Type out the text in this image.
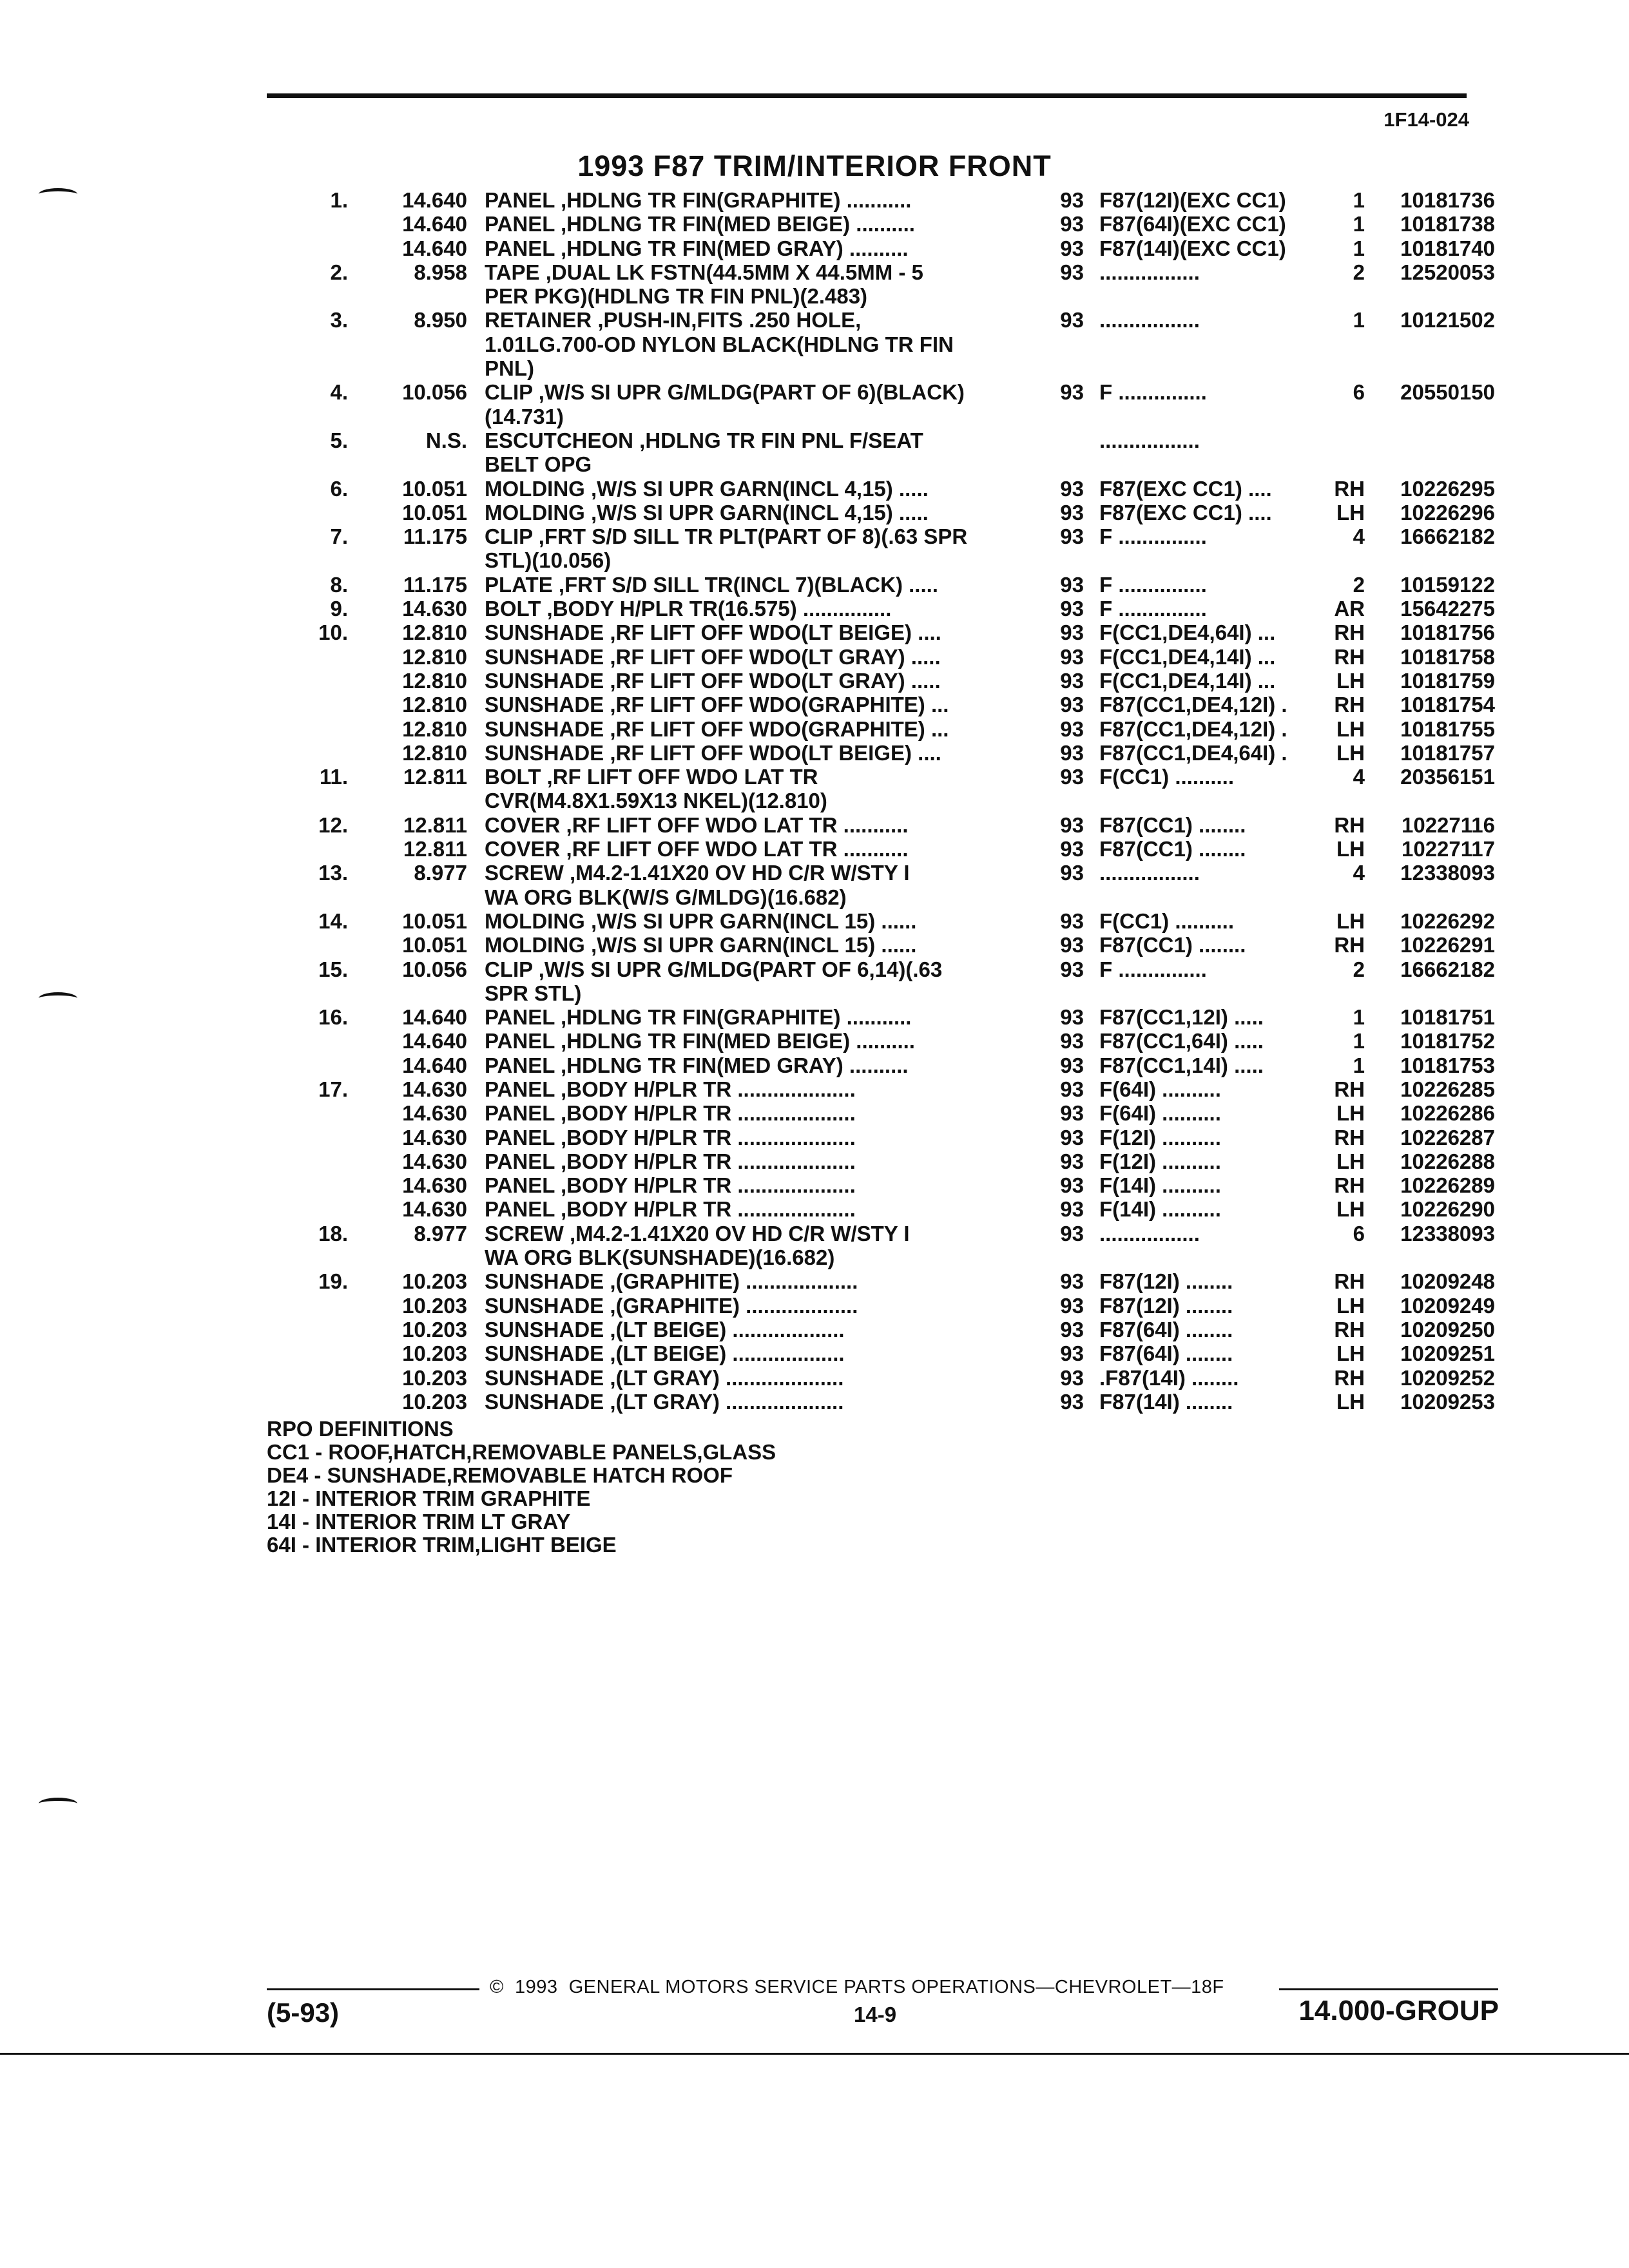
1F14-024
1993 F87 TRIM/INTERIOR FRONT
1.	14.640 PANEL ,HDLNG TR FIN(GRAPHITE) ...........	93 F87(12I)(EXC CC1)	1	10181736
14.640 PANEL ,HDLNG TR FIN(MED BEIGE) ..........	93 F87(64I)(EXC CC1)	1	10181738
14.640 PANEL ,HDLNG TR FIN(MED GRAY) ..........	93 F87(14I)(EXC CC1)	1	10181740
2.	8.958 TAPE ,DUAL LK FSTN(44.5MM X 44.5MM - 5	93 .................	2	12520053
PER PKG)(HDLNG TR FIN PNL)(2.483)
3.	8.950 RETAINER ,PUSH-IN,FITS .250 HOLE,	93 .................	1	10121502
1.01LG.700-OD NYLON BLACK(HDLNG TR FIN
PNL)
4.	10.056 CLIP ,W/S SI UPR G/MLDG(PART OF 6)(BLACK)	93 F ...............	6	20550150
(14.731)
5.	N.S. ESCUTCHEON ,HDLNG TR FIN PNL F/SEAT	.................
BELT OPG
6.	10.051 MOLDING ,W/S SI UPR GARN(INCL 4,15) .....	93 F87(EXC CC1) ....	RH	10226295
10.051 MOLDING ,W/S SI UPR GARN(INCL 4,15) .....	93 F87(EXC CC1) ....	LH	10226296
7.	11.175 CLIP ,FRT S/D SILL TR PLT(PART OF 8)(.63 SPR	93 F ...............	4	16662182
STL)(10.056)
8.	11.175 PLATE ,FRT S/D SILL TR(INCL 7)(BLACK) .....	93 F ...............	2	10159122
9.	14.630 BOLT ,BODY H/PLR TR(16.575) ...............	93 F ...............	AR	15642275
10.	12.810 SUNSHADE ,RF LIFT OFF WDO(LT BEIGE) ....	93 F(CC1,DE4,64I) ...	RH	10181756
12.810 SUNSHADE ,RF LIFT OFF WDO(LT GRAY) .....	93 F(CC1,DE4,14I) ...	RH	10181758
12.810 SUNSHADE ,RF LIFT OFF WDO(LT GRAY) .....	93 F(CC1,DE4,14I) ...	LH	10181759
12.810 SUNSHADE ,RF LIFT OFF WDO(GRAPHITE) ...	93 F87(CC1,DE4,12I) .	RH	10181754
12.810 SUNSHADE ,RF LIFT OFF WDO(GRAPHITE) ...	93 F87(CC1,DE4,12I) .	LH	10181755
12.810 SUNSHADE ,RF LIFT OFF WDO(LT BEIGE) ....	93 F87(CC1,DE4,64I) .	LH	10181757
11.	12.811 BOLT ,RF LIFT OFF WDO LAT TR	93 F(CC1) ..........	4	20356151
CVR(M4.8X1.59X13 NKEL)(12.810)
12.	12.811 COVER ,RF LIFT OFF WDO LAT TR ...........	93 F87(CC1) ........	RH	10227116
12.811 COVER ,RF LIFT OFF WDO LAT TR ...........	93 F87(CC1) ........	LH	10227117
13.	8.977 SCREW ,M4.2-1.41X20 OV HD C/R W/STY I	93 .................	4	12338093
WA ORG BLK(W/S G/MLDG)(16.682)
14.	10.051 MOLDING ,W/S SI UPR GARN(INCL 15) ......	93 F(CC1) ..........	LH	10226292
10.051 MOLDING ,W/S SI UPR GARN(INCL 15) ......	93 F87(CC1) ........	RH	10226291
15.	10.056 CLIP ,W/S SI UPR G/MLDG(PART OF 6,14)(.63	93 F ...............	2	16662182
SPR STL)
16.	14.640 PANEL ,HDLNG TR FIN(GRAPHITE) ...........	93 F87(CC1,12I) .....	1	10181751
14.640 PANEL ,HDLNG TR FIN(MED BEIGE) ..........	93 F87(CC1,64I) .....	1	10181752
14.640 PANEL ,HDLNG TR FIN(MED GRAY) ..........	93 F87(CC1,14I) .....	1	10181753
17.	14.630 PANEL ,BODY H/PLR TR ....................	93 F(64I) ..........	RH	10226285
14.630 PANEL ,BODY H/PLR TR ....................	93 F(64I) ..........	LH	10226286
14.630 PANEL ,BODY H/PLR TR ....................	93 F(12I) ..........	RH	10226287
14.630 PANEL ,BODY H/PLR TR ....................	93 F(12I) ..........	LH	10226288
14.630 PANEL ,BODY H/PLR TR ....................	93 F(14I) ..........	RH	10226289
14.630 PANEL ,BODY H/PLR TR ....................	93 F(14I) ..........	LH	10226290
18.	8.977 SCREW ,M4.2-1.41X20 OV HD C/R W/STY I	93 .................	6	12338093
WA ORG BLK(SUNSHADE)(16.682)
19.	10.203 SUNSHADE ,(GRAPHITE) ...................	93 F87(12I) ........	RH	10209248
10.203 SUNSHADE ,(GRAPHITE) ...................	93 F87(12I) ........	LH	10209249
10.203 SUNSHADE ,(LT BEIGE) ...................	93 F87(64I) ........	RH	10209250
10.203 SUNSHADE ,(LT BEIGE) ...................	93 F87(64I) ........	LH	10209251
10.203 SUNSHADE ,(LT GRAY) ....................	93 .F87(14I) ........	RH	10209252
10.203 SUNSHADE ,(LT GRAY) ....................	93 F87(14I) ........	LH	10209253
RPO DEFINITIONS
CC1 - ROOF,HATCH,REMOVABLE PANELS,GLASS
DE4 - SUNSHADE,REMOVABLE HATCH ROOF
12I - INTERIOR TRIM GRAPHITE
14I - INTERIOR TRIM LT GRAY
64I - INTERIOR TRIM,LIGHT BEIGE
©  1993  GENERAL MOTORS SERVICE PARTS OPERATIONS—CHEVROLET—18F
(5-93)	14-9	14.000-GROUP
